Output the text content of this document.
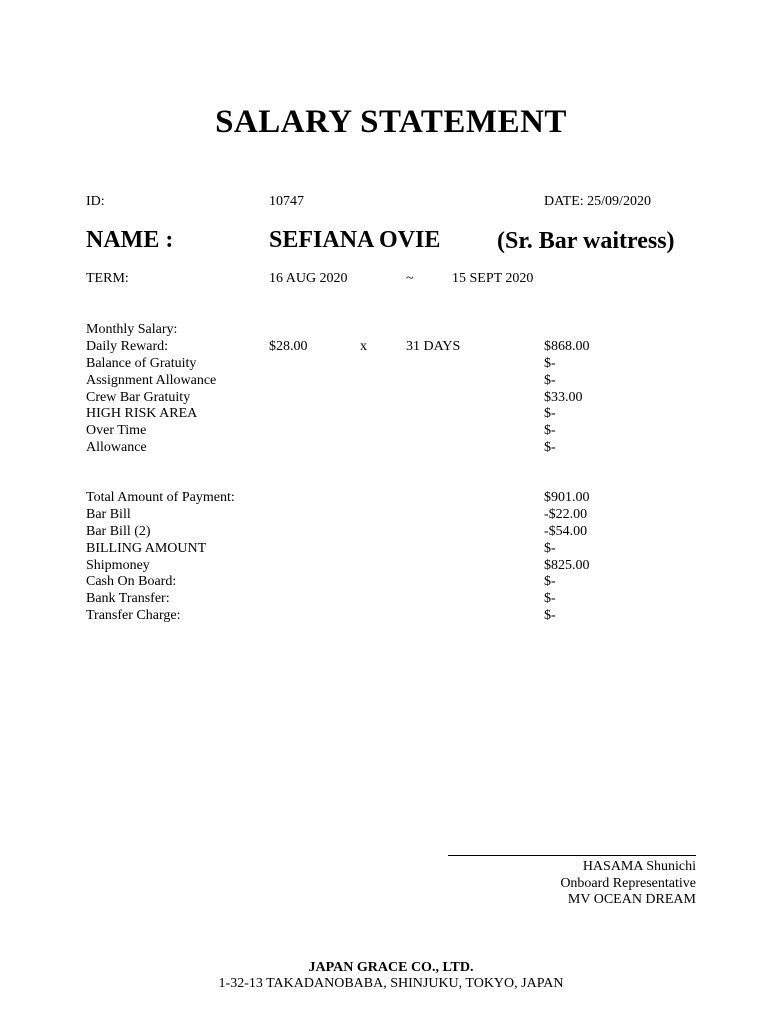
SALARY STATEMENT
ID:	10747	DATE: 25/09/2020
NAME :	SEFIANA OVIE (Sr. Bar waitress)
TERM:	16 AUG 2020	~	15 SEPT 2020
Monthly Salary:
Daily Reward:	$28.00	x	31 DAYS	$868.00
Balance of Gratuity	$-
Assignment Allowance	$-
Crew Bar Gratuity	$33.00
HIGH RISK AREA	$-
Over Time	$-
Allowance	$-
Total Amount of Payment:	$901.00
Bar Bill	-$22.00
Bar Bill (2)	-$54.00
BILLING AMOUNT	$-
Shipmoney	$825.00
Cash On Board:	$-
Bank Transfer:	$-
Transfer Charge:	$-
HASAMA Shunichi
Onboard Representative
MV OCEAN DREAM
JAPAN GRACE CO., LTD.
1-32-13 TAKADANOBABA, SHINJUKU, TOKYO, JAPAN
